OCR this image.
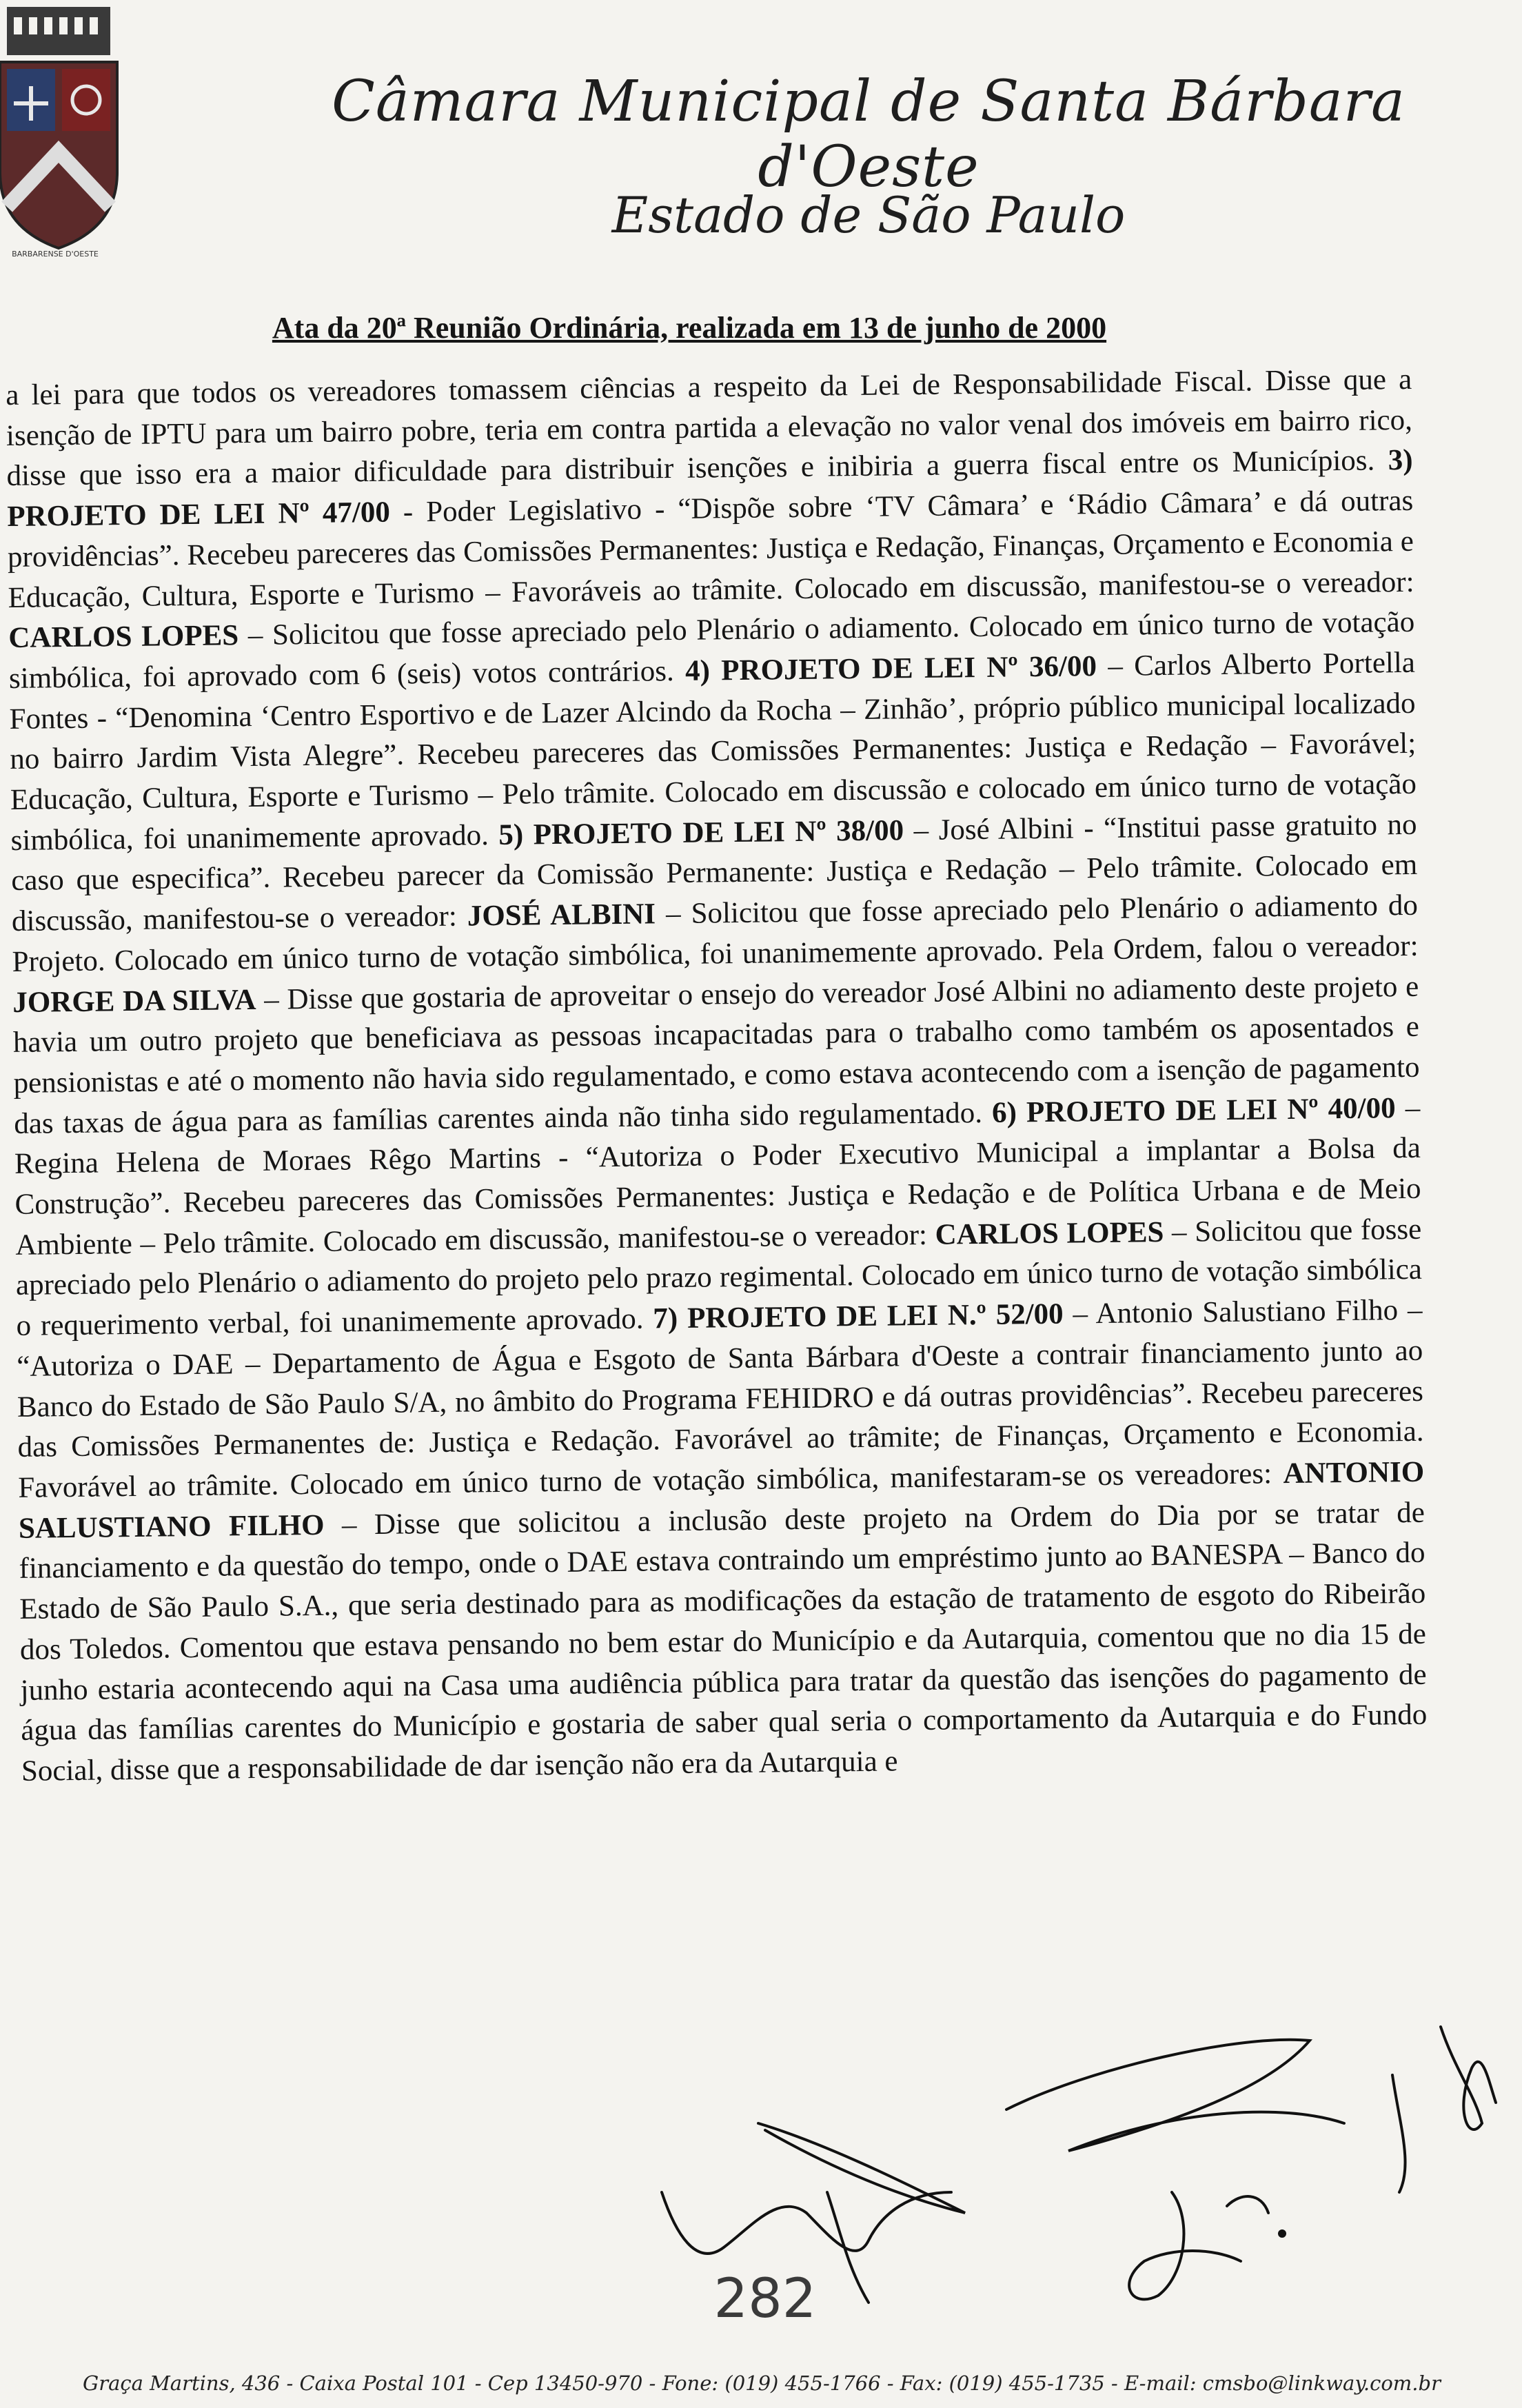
BARBARENSE D'OESTE
Câmara Municipal de Santa Bárbara d'Oeste
Estado de São Paulo
Ata da 20ª Reunião Ordinária, realizada em 13 de junho de 2000

a lei para que todos os vereadores tomassem ciências a respeito da Lei de Responsabilidade Fiscal. Disse que a isenção de IPTU para um bairro pobre, teria em contra partida a elevação no valor venal dos imóveis em bairro rico, disse que isso era a maior dificuldade para distribuir isenções e inibiria a guerra fiscal entre os Municípios. 3) PROJETO DE LEI Nº 47/00 - Poder Legislativo - “Dispõe sobre ‘TV Câmara’ e ‘Rádio Câmara’ e dá outras providências”. Recebeu pareceres das Comissões Permanentes: Justiça e Redação, Finanças, Orçamento e Economia e Educação, Cultura, Esporte e Turismo – Favoráveis ao trâmite. Colocado em discussão, manifestou-se o vereador: CARLOS LOPES – Solicitou que fosse apreciado pelo Plenário o adiamento. Colocado em único turno de votação simbólica, foi aprovado com 6 (seis) votos contrários. 4) PROJETO DE LEI Nº 36/00 – Carlos Alberto Portella Fontes - “Denomina ‘Centro Esportivo e de Lazer Alcindo da Rocha – Zinhão’, próprio público municipal localizado no bairro Jardim Vista Alegre”. Recebeu pareceres das Comissões Permanentes: Justiça e Redação – Favorável; Educação, Cultura, Esporte e Turismo – Pelo trâmite. Colocado em discussão e colocado em único turno de votação simbólica, foi unanimemente aprovado. 5) PROJETO DE LEI Nº 38/00 – José Albini - “Institui passe gratuito no caso que especifica”. Recebeu parecer da Comissão Permanente: Justiça e Redação – Pelo trâmite. Colocado em discussão, manifestou-se o vereador: JOSÉ ALBINI – Solicitou que fosse apreciado pelo Plenário o adiamento do Projeto. Colocado em único turno de votação simbólica, foi unanimemente aprovado. Pela Ordem, falou o vereador: JORGE DA SILVA – Disse que gostaria de aproveitar o ensejo do vereador José Albini no adiamento deste projeto e havia um outro projeto que beneficiava as pessoas incapacitadas para o trabalho como também os aposentados e pensionistas e até o momento não havia sido regulamentado, e como estava acontecendo com a isenção de pagamento das taxas de água para as famílias carentes ainda não tinha sido regulamentado. 6) PROJETO DE LEI Nº 40/00 – Regina Helena de Moraes Rêgo Martins - “Autoriza o Poder Executivo Municipal a implantar a Bolsa da Construção”. Recebeu pareceres das Comissões Permanentes: Justiça e Redação e de Política Urbana e de Meio Ambiente – Pelo trâmite. Colocado em discussão, manifestou-se o vereador: CARLOS LOPES – Solicitou que fosse apreciado pelo Plenário o adiamento do projeto pelo prazo regimental. Colocado em único turno de votação simbólica o requerimento verbal, foi unanimemente aprovado. 7) PROJETO DE LEI N.º 52/00 – Antonio Salustiano Filho – “Autoriza o DAE – Departamento de Água e Esgoto de Santa Bárbara d'Oeste a contrair financiamento junto ao Banco do Estado de São Paulo S/A, no âmbito do Programa FEHIDRO e dá outras providências”. Recebeu pareceres das Comissões Permanentes de: Justiça e Redação. Favorável ao trâmite; de Finanças, Orçamento e Economia. Favorável ao trâmite. Colocado em único turno de votação simbólica, manifestaram-se os vereadores: ANTONIO SALUSTIANO FILHO – Disse que solicitou a inclusão deste projeto na Ordem do Dia por se tratar de financiamento e da questão do tempo, onde o DAE estava contraindo um empréstimo junto ao BANESPA – Banco do Estado de São Paulo S.A., que seria destinado para as modificações da estação de tratamento de esgoto do Ribeirão dos Toledos. Comentou que estava pensando no bem estar do Município e da Autarquia, comentou que no dia 15 de junho estaria acontecendo aqui na Casa uma audiência pública para tratar da questão das isenções do pagamento de água das famílias carentes do Município e gostaria de saber qual seria o comportamento da Autarquia e do Fundo Social, disse que a responsabilidade de dar isenção não era da Autarquia e

282
Graça Martins, 436 - Caixa Postal 101 - Cep 13450-970 - Fone: (019) 455-1766 - Fax: (019) 455-1735 - E-mail: cmsbo@linkway.com.br
